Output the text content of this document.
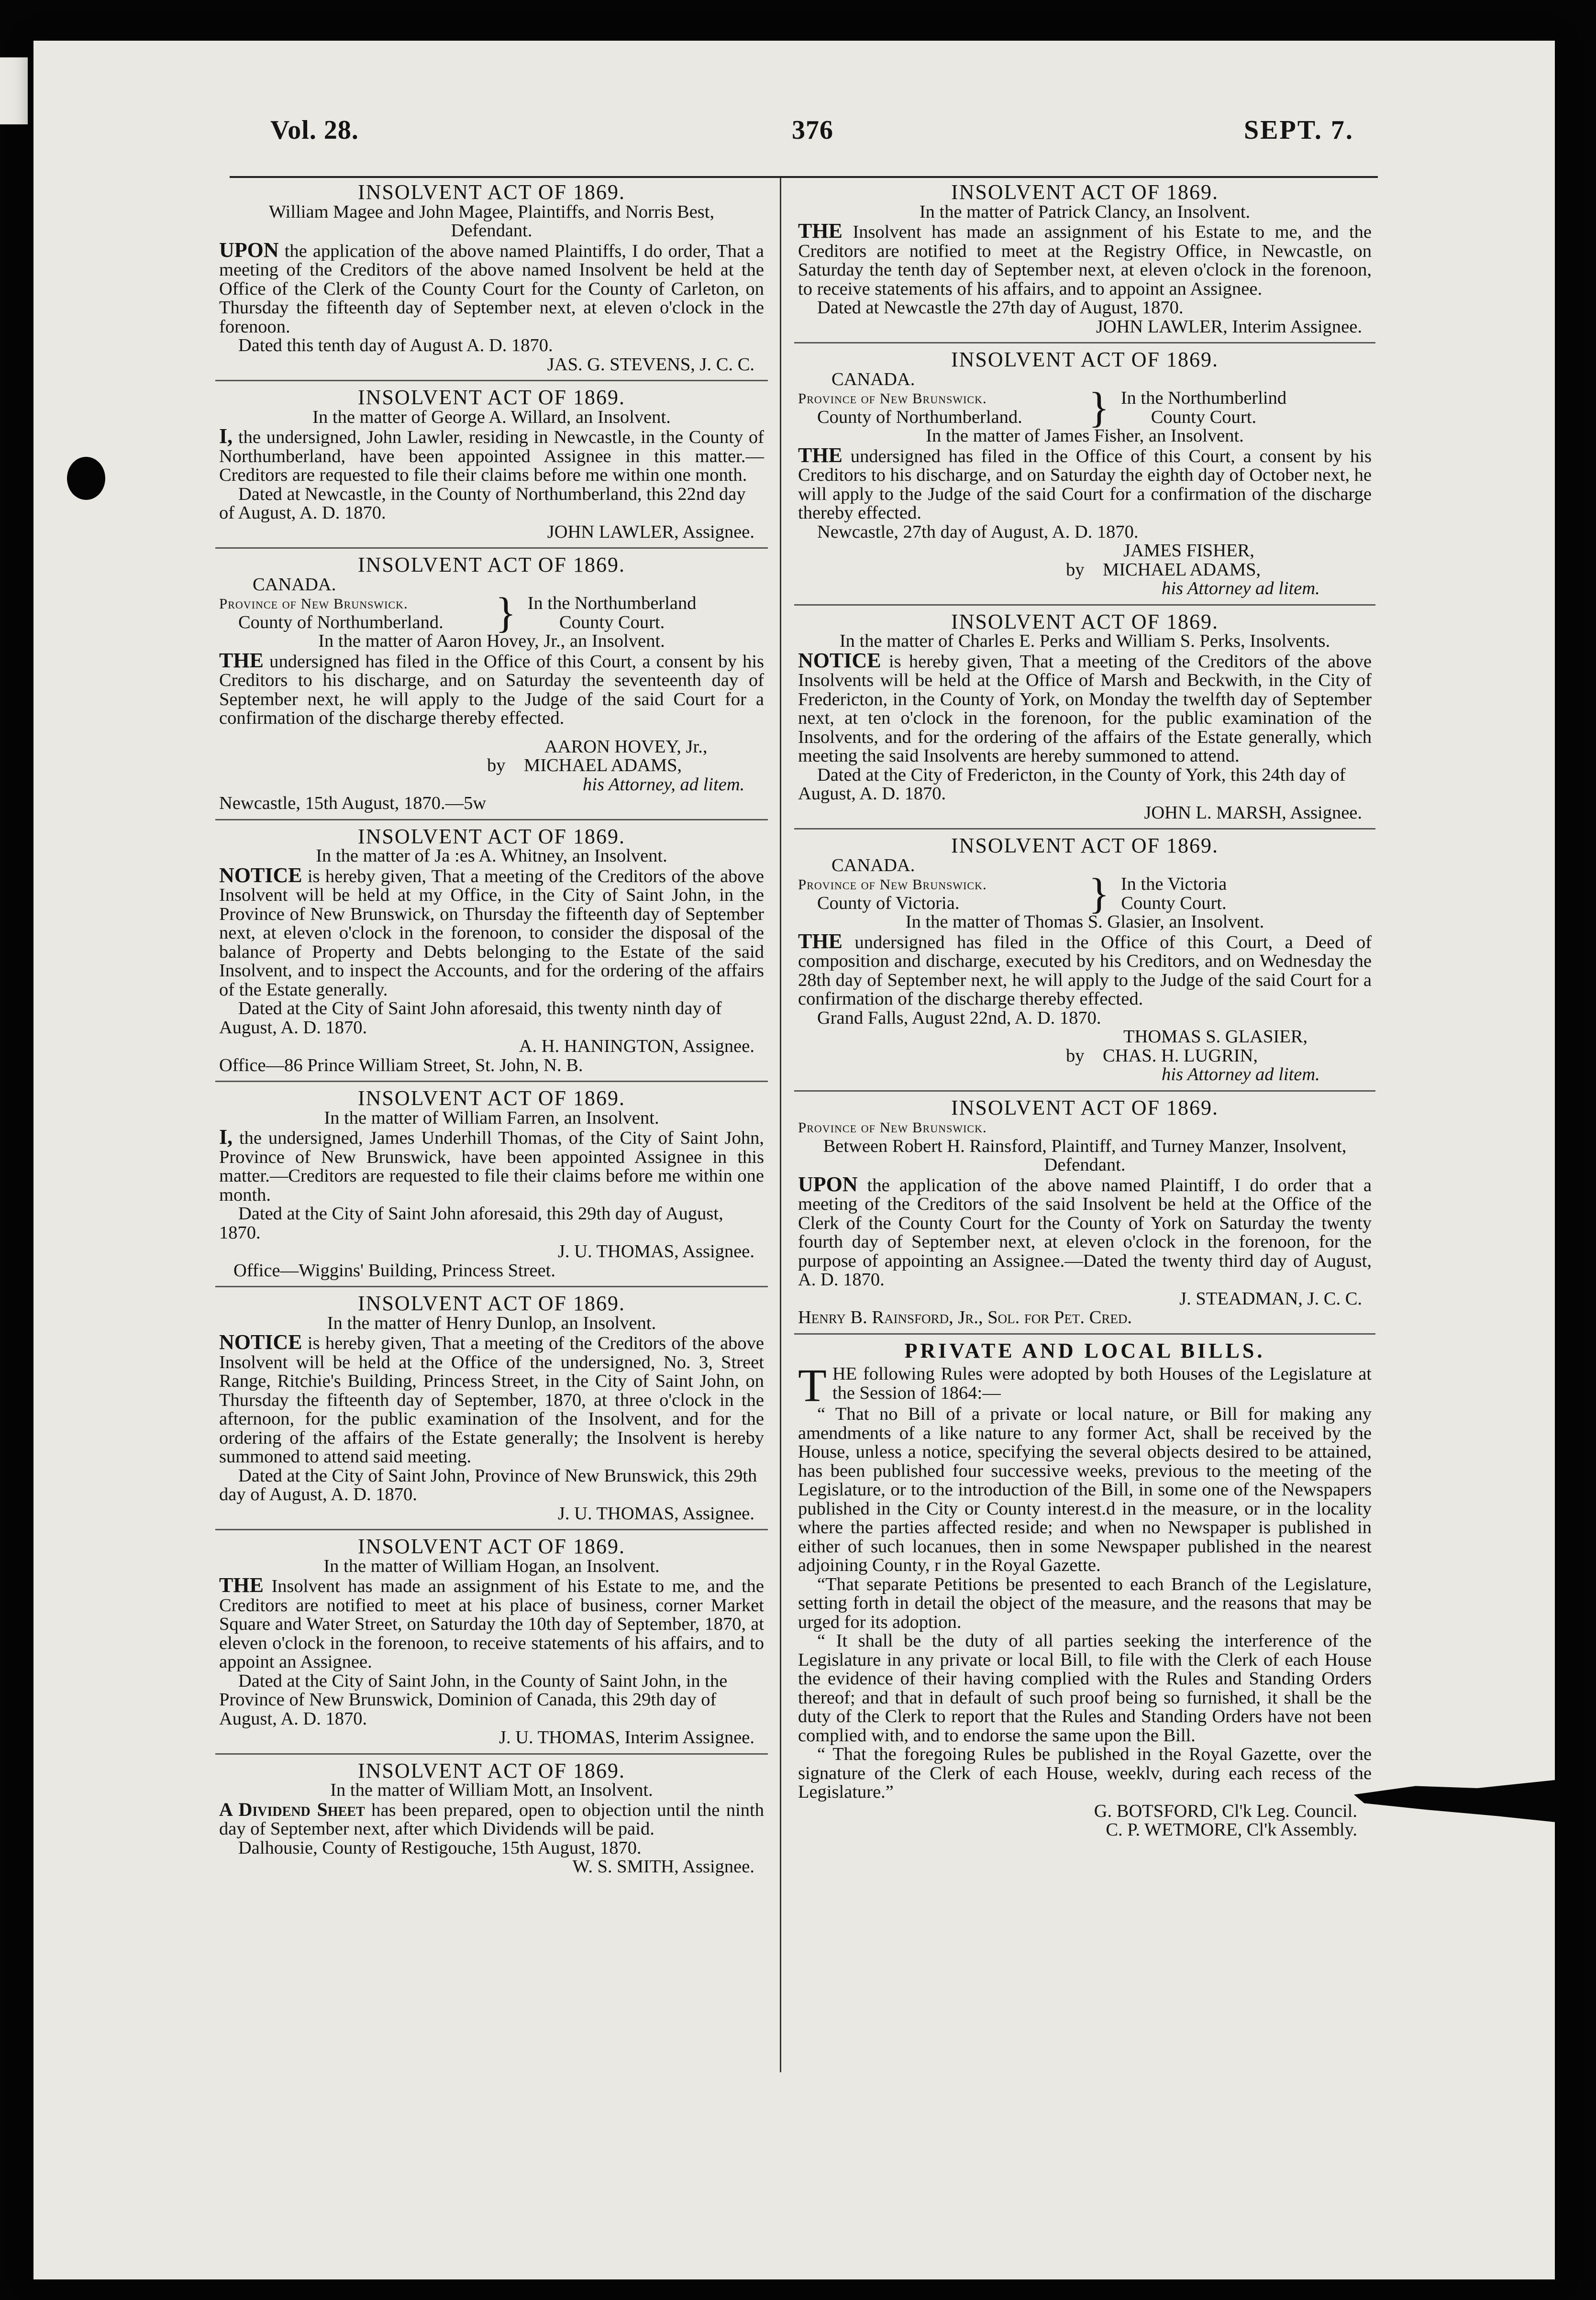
Vol. 28.	376	SEPT. 7.
INSOLVENT ACT OF 1869.
William Magee and John Magee, Plaintiffs, and Norris Best, Defendant.
UPON the application of the above named Plaintiffs, I do order, That a meeting of the Creditors of the above named Insolvent be held at the Office of the Clerk of the County Court for the County of Carleton, on Thursday the fifteenth day of September next, at eleven o'clock in the forenoon.
Dated this tenth day of August A. D. 1870.
JAS. G. STEVENS, J. C. C.
INSOLVENT ACT OF 1869.
In the matter of George A. Willard, an Insolvent.
I, the undersigned, John Lawler, residing in Newcastle, in the County of Northumberland, have been appointed Assignee in this matter.—Creditors are requested to file their claims before me within one month.
Dated at Newcastle, in the County of Northumberland, this 22nd day of August, A. D. 1870.
JOHN LAWLER, Assignee.
INSOLVENT ACT OF 1869.
CANADA.
Province of New Brunswick.
County of Northumberland.	} In the Northumberland
County Court.
In the matter of Aaron Hovey, Jr., an Insolvent.
THE undersigned has filed in the Office of this Court, a consent by his Creditors to his discharge, and on Saturday the seventeenth day of September next, he will apply to the Judge of the said Court for a confirmation of the discharge thereby effected.
AARON HOVEY, Jr.,
by MICHAEL ADAMS,
his Attorney, ad litem.
Newcastle, 15th August, 1870.—5w
INSOLVENT ACT OF 1869.
In the matter of Ja :es A. Whitney, an Insolvent.
NOTICE is hereby given, That a meeting of the Creditors of the above Insolvent will be held at my Office, in the City of Saint John, in the Province of New Brunswick, on Thursday the fifteenth day of September next, at eleven o'clock in the forenoon, to consider the disposal of the balance of Property and Debts belonging to the Estate of the said Insolvent, and to inspect the Accounts, and for the ordering of the affairs of the Estate generally.
Dated at the City of Saint John aforesaid, this twenty ninth day of August, A. D. 1870.
A. H. HANINGTON, Assignee.
Office—86 Prince William Street, St. John, N. B.
INSOLVENT ACT OF 1869.
In the matter of William Farren, an Insolvent.
I, the undersigned, James Underhill Thomas, of the City of Saint John, Province of New Brunswick, have been appointed Assignee in this matter.—Creditors are requested to file their claims before me within one month.
Dated at the City of Saint John aforesaid, this 29th day of August, 1870.
J. U. THOMAS, Assignee.
Office—Wiggins' Building, Princess Street.
INSOLVENT ACT OF 1869.
In the matter of Henry Dunlop, an Insolvent.
NOTICE is hereby given, That a meeting of the Creditors of the above Insolvent will be held at the Office of the undersigned, No. 3, Street Range, Ritchie's Building, Princess Street, in the City of Saint John, on Thursday the fifteenth day of September, 1870, at three o'clock in the afternoon, for the public examination of the Insolvent, and for the ordering of the affairs of the Estate generally; the Insolvent is hereby summoned to attend said meeting.
Dated at the City of Saint John, Province of New Brunswick, this 29th day of August, A. D. 1870.
J. U. THOMAS, Assignee.
INSOLVENT ACT OF 1869.
In the matter of William Hogan, an Insolvent.
THE Insolvent has made an assignment of his Estate to me, and the Creditors are notified to meet at his place of business, corner Market Square and Water Street, on Saturday the 10th day of September, 1870, at eleven o'clock in the forenoon, to receive statements of his affairs, and to appoint an Assignee.
Dated at the City of Saint John, in the County of Saint John, in the Province of New Brunswick, Dominion of Canada, this 29th day of August, A. D. 1870.
J. U. THOMAS, Interim Assignee.
INSOLVENT ACT OF 1869.
In the matter of William Mott, an Insolvent.
A Dividend Sheet has been prepared, open to objection until the ninth day of September next, after which Dividends will be paid.
Dalhousie, County of Restigouche, 15th August, 1870.
W. S. SMITH, Assignee.
INSOLVENT ACT OF 1869.
In the matter of Patrick Clancy, an Insolvent.
THE Insolvent has made an assignment of his Estate to me, and the Creditors are notified to meet at the Registry Office, in Newcastle, on Saturday the tenth day of September next, at eleven o'clock in the forenoon, to receive statements of his affairs, and to appoint an Assignee.
Dated at Newcastle the 27th day of August, 1870.
JOHN LAWLER, Interim Assignee.
INSOLVENT ACT OF 1869.
CANADA.
Province of New Brunswick.
County of Northumberland.	} In the Northumberlind
County Court.
In the matter of James Fisher, an Insolvent.
THE undersigned has filed in the Office of this Court, a consent by his Creditors to his discharge, and on Saturday the eighth day of October next, he will apply to the Judge of the said Court for a confirmation of the discharge thereby effected.
Newcastle, 27th day of August, A. D. 1870.
JAMES FISHER,
by MICHAEL ADAMS,
his Attorney ad litem.
INSOLVENT ACT OF 1869.
In the matter of Charles E. Perks and William S. Perks, Insolvents.
NOTICE is hereby given, That a meeting of the Creditors of the above Insolvents will be held at the Office of Marsh and Beckwith, in the City of Fredericton, in the County of York, on Monday the twelfth day of September next, at ten o'clock in the forenoon, for the public examination of the Insolvents, and for the ordering of the affairs of the Estate generally, which meeting the said Insolvents are hereby summoned to attend.
Dated at the City of Fredericton, in the County of York, this 24th day of August, A. D. 1870.
JOHN L. MARSH, Assignee.
INSOLVENT ACT OF 1869.
CANADA.
Province of New Brunswick.
County of Victoria.	} In the Victoria
County Court.
In the matter of Thomas S. Glasier, an Insolvent.
THE undersigned has filed in the Office of this Court, a Deed of composition and discharge, executed by his Creditors, and on Wednesday the 28th day of September next, he will apply to the Judge of the said Court for a confirmation of the discharge thereby effected.
Grand Falls, August 22nd, A. D. 1870.
THOMAS S. GLASIER,
by CHAS. H. LUGRIN,
his Attorney ad litem.
INSOLVENT ACT OF 1869.
Province of New Brunswick.
Between Robert H. Rainsford, Plaintiff, and Turney Manzer, Insolvent, Defendant.
UPON the application of the above named Plaintiff, I do order that a meeting of the Creditors of the said Insolvent be held at the Office of the Clerk of the County Court for the County of York on Saturday the twenty fourth day of September next, at eleven o'clock in the forenoon, for the purpose of appointing an Assignee.—Dated the twenty third day of August, A. D. 1870.
J. STEADMAN, J. C. C.
Henry B. Rainsford, Jr., Sol. for Pet. Cred.
PRIVATE AND LOCAL BILLS.
THE following Rules were adopted by both Houses of the Legislature at the Session of 1864:—
“ That no Bill of a private or local nature, or Bill for making any amendments of a like nature to any former Act, shall be received by the House, unless a notice, specifying the several objects desired to be attained, has been published four successive weeks, previous to the meeting of the Legislature, or to the introduction of the Bill, in some one of the Newspapers published in the City or County interest.d in the measure, or in the locality where the parties affected reside; and when no Newspaper is published in either of such locanues, then in some Newspaper published in the nearest adjoining County, r in the Royal Gazette.
“That separate Petitions be presented to each Branch of the Legislature, setting forth in detail the object of the measure, and the reasons that may be urged for its adoption.
“ It shall be the duty of all parties seeking the interference of the Legislature in any private or local Bill, to file with the Clerk of each House the evidence of their having complied with the Rules and Standing Orders thereof; and that in default of such proof being so furnished, it shall be the duty of the Clerk to report that the Rules and Standing Orders have not been complied with, and to endorse the same upon the Bill.
“ That the foregoing Rules be published in the Royal Gazette, over the signature of the Clerk of each House, weeklv, during each recess of the Legislature.”
G. BOTSFORD, Cl'k Leg. Council.
C. P. WETMORE, Cl'k Assembly.
